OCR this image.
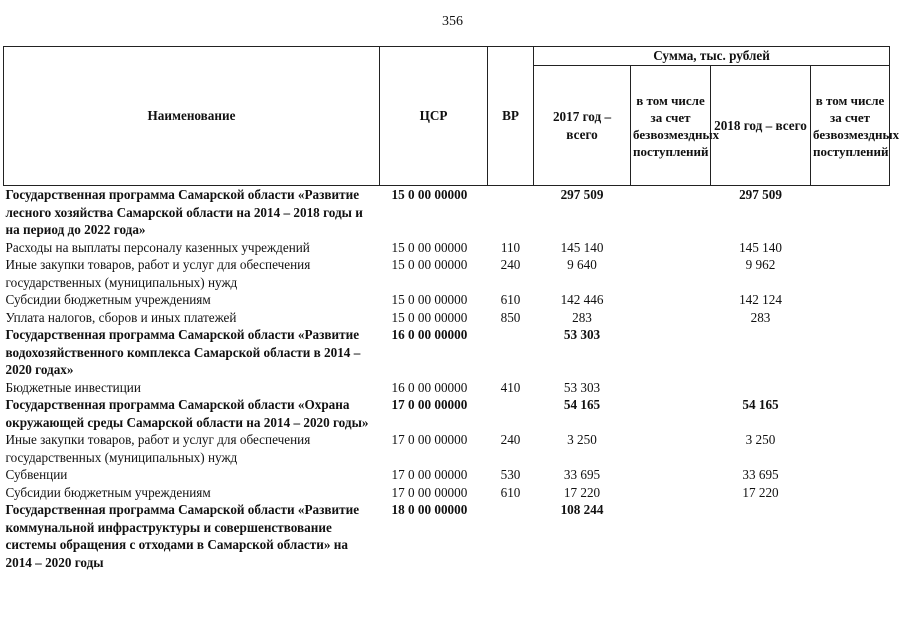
356
Наименование	ЦСР	ВР	Сумма, тыс. рублей			
			2017 год – всего	в том числе за счет безвозмездных поступлений	2018 год – всего	в том числе за счет безвозмездных поступлений
Государственная программа Самарской области «Развитие лесного хозяйства Самарской области на 2014 – 2018 годы и на период до 2022 года»	15 0 00 00000		297 509		297 509	
Расходы на выплаты персоналу казенных учреждений	15 0 00 00000	110	145 140		145 140	
Иные закупки товаров, работ и услуг для обеспечения государственных (муниципальных) нужд	15 0 00 00000	240	9 640		9 962	
Субсидии бюджетным учреждениям	15 0 00 00000	610	142 446		142 124	
Уплата налогов, сборов и иных платежей	15 0 00 00000	850	283		283	
Государственная программа Самарской области «Развитие водохозяйственного комплекса Самарской области в 2014 – 2020 годах»	16 0 00 00000		53 303			
Бюджетные инвестиции	16 0 00 00000	410	53 303			
Государственная программа Самарской области «Охрана окружающей среды Самарской области на 2014 – 2020 годы»	17 0 00 00000		54 165		54 165	
Иные закупки товаров, работ и услуг для обеспечения государственных (муниципальных) нужд	17 0 00 00000	240	3 250		3 250	
Субвенции	17 0 00 00000	530	33 695		33 695	
Субсидии бюджетным учреждениям	17 0 00 00000	610	17 220		17 220	
Государственная программа Самарской области «Развитие коммунальной инфраструктуры и совершенствование системы обращения с отходами в Самарской области» на 2014 – 2020 годы	18 0 00 00000		108 244			
